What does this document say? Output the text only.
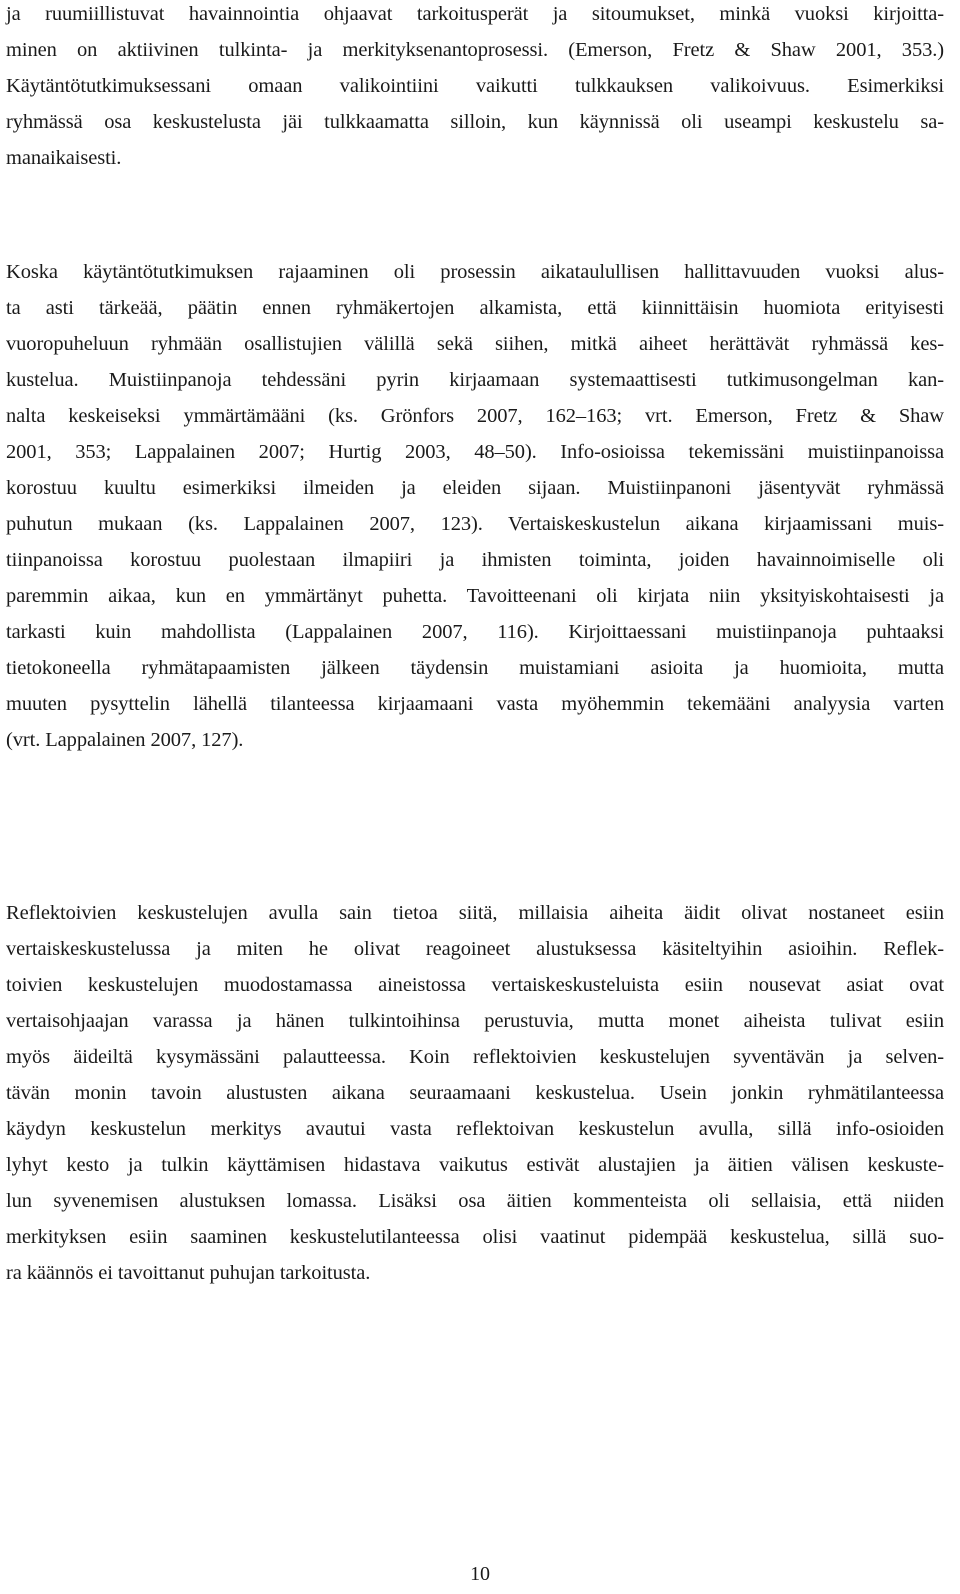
ja ruumiillistuvat havainnointia ohjaavat tarkoitusperät ja sitoumukset, minkä vuoksi kirjoitta-
minen on aktiivinen tulkinta- ja merkityksenantoprosessi. (Emerson, Fretz & Shaw 2001, 353.)
Käytäntötutkimuksessani omaan valikointiini vaikutti tulkkauksen valikoivuus. Esimerkiksi
ryhmässä osa keskustelusta jäi tulkkaamatta silloin, kun käynnissä oli useampi keskustelu sa-
manaikaisesti.
Koska käytäntötutkimuksen rajaaminen oli prosessin aikataulullisen hallittavuuden vuoksi alus-
ta asti tärkeää, päätin ennen ryhmäkertojen alkamista, että kiinnittäisin huomiota erityisesti
vuoropuheluun ryhmään osallistujien välillä sekä siihen, mitkä aiheet herättävät ryhmässä kes-
kustelua. Muistiinpanoja tehdessäni pyrin kirjaamaan systemaattisesti tutkimusongelman kan-
nalta keskeiseksi ymmärtämääni (ks. Grönfors 2007, 162–163; vrt. Emerson, Fretz & Shaw
2001, 353; Lappalainen 2007; Hurtig 2003, 48–50). Info-osioissa tekemissäni muistiinpanoissa
korostuu kuultu esimerkiksi ilmeiden ja eleiden sijaan. Muistiinpanoni jäsentyvät ryhmässä
puhutun mukaan (ks. Lappalainen 2007, 123). Vertaiskeskustelun aikana kirjaamissani muis-
tiinpanoissa korostuu puolestaan ilmapiiri ja ihmisten toiminta, joiden havainnoimiselle oli
paremmin aikaa, kun en ymmärtänyt puhetta. Tavoitteenani oli kirjata niin yksityiskohtaisesti ja
tarkasti kuin mahdollista (Lappalainen 2007, 116). Kirjoittaessani muistiinpanoja puhtaaksi
tietokoneella ryhmätapaamisten jälkeen täydensin muistamiani asioita ja huomioita, mutta
muuten pysyttelin lähellä tilanteessa kirjaamaani vasta myöhemmin tekemääni analyysia varten
(vrt. Lappalainen 2007, 127).
Reflektoivien keskustelujen avulla sain tietoa siitä, millaisia aiheita äidit olivat nostaneet esiin
vertaiskeskustelussa ja miten he olivat reagoineet alustuksessa käsiteltyihin asioihin. Reflek-
toivien keskustelujen muodostamassa aineistossa vertaiskeskusteluista esiin nousevat asiat ovat
vertaisohjaajan varassa ja hänen tulkintoihinsa perustuvia, mutta monet aiheista tulivat esiin
myös äideiltä kysymässäni palautteessa. Koin reflektoivien keskustelujen syventävän ja selven-
tävän monin tavoin alustusten aikana seuraamaani keskustelua. Usein jonkin ryhmätilanteessa
käydyn keskustelun merkitys avautui vasta reflektoivan keskustelun avulla, sillä info-osioiden
lyhyt kesto ja tulkin käyttämisen hidastava vaikutus estivät alustajien ja äitien välisen keskuste-
lun syvenemisen alustuksen lomassa. Lisäksi osa äitien kommenteista oli sellaisia, että niiden
merkityksen esiin saaminen keskustelutilanteessa olisi vaatinut pidempää keskustelua, sillä suo-
ra käännös ei tavoittanut puhujan tarkoitusta.
10
